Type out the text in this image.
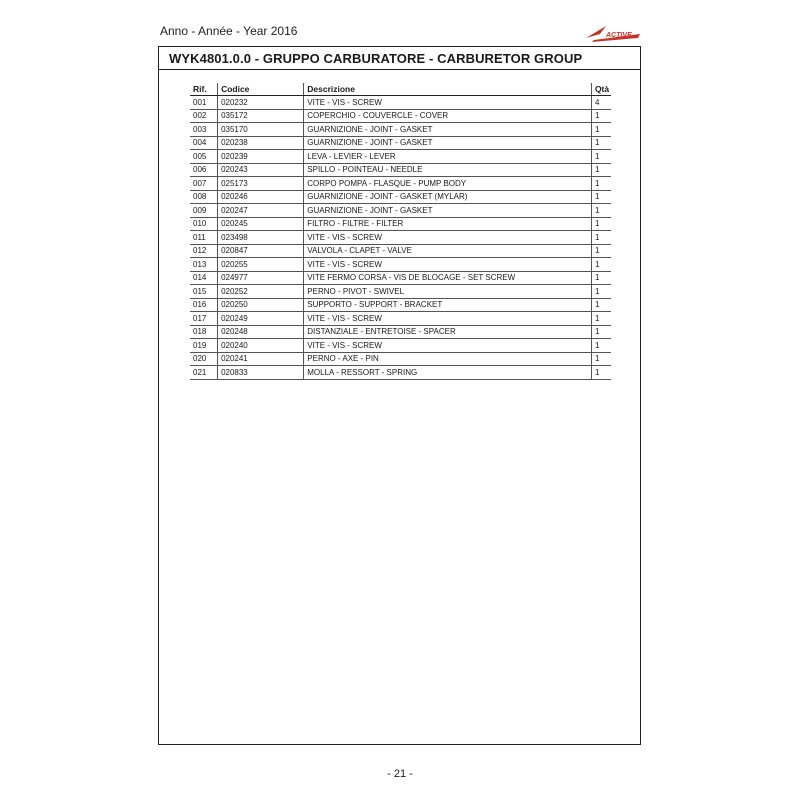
Anno - Année - Year 2016	ACTIVE
WYK4801.0.0 - GRUPPO CARBURATORE - CARBURETOR GROUP
Rif.	Codice	Descrizione	Qtà
001	020232	VITE - VIS - SCREW	4
002	035172	COPERCHIO - COUVERCLE - COVER	1
003	035170	GUARNIZIONE - JOINT - GASKET	1
004	020238	GUARNIZIONE - JOINT - GASKET	1
005	020239	LEVA - LEVIER - LEVER	1
006	020243	SPILLO - POINTEAU - NEEDLE	1
007	025173	CORPO POMPA - FLASQUE - PUMP BODY	1
008	020246	GUARNIZIONE - JOINT - GASKET (MYLAR)	1
009	020247	GUARNIZIONE - JOINT - GASKET	1
010	020245	FILTRO - FILTRE - FILTER	1
011	023498	VITE - VIS - SCREW	1
012	020847	VALVOLA - CLAPET - VALVE	1
013	020255	VITE - VIS - SCREW	1
014	024977	VITE FERMO CORSA - VIS DE BLOCAGE - SET SCREW	1
015	020252	PERNO - PIVOT - SWIVEL	1
016	020250	SUPPORTO - SUPPORT - BRACKET	1
017	020249	VITE - VIS - SCREW	1
018	020248	DISTANZIALE - ENTRETOISE - SPACER	1
019	020240	VITE - VIS - SCREW	1
020	020241	PERNO - AXE - PIN	1
021	020833	MOLLA - RESSORT - SPRING	1
- 21 -
